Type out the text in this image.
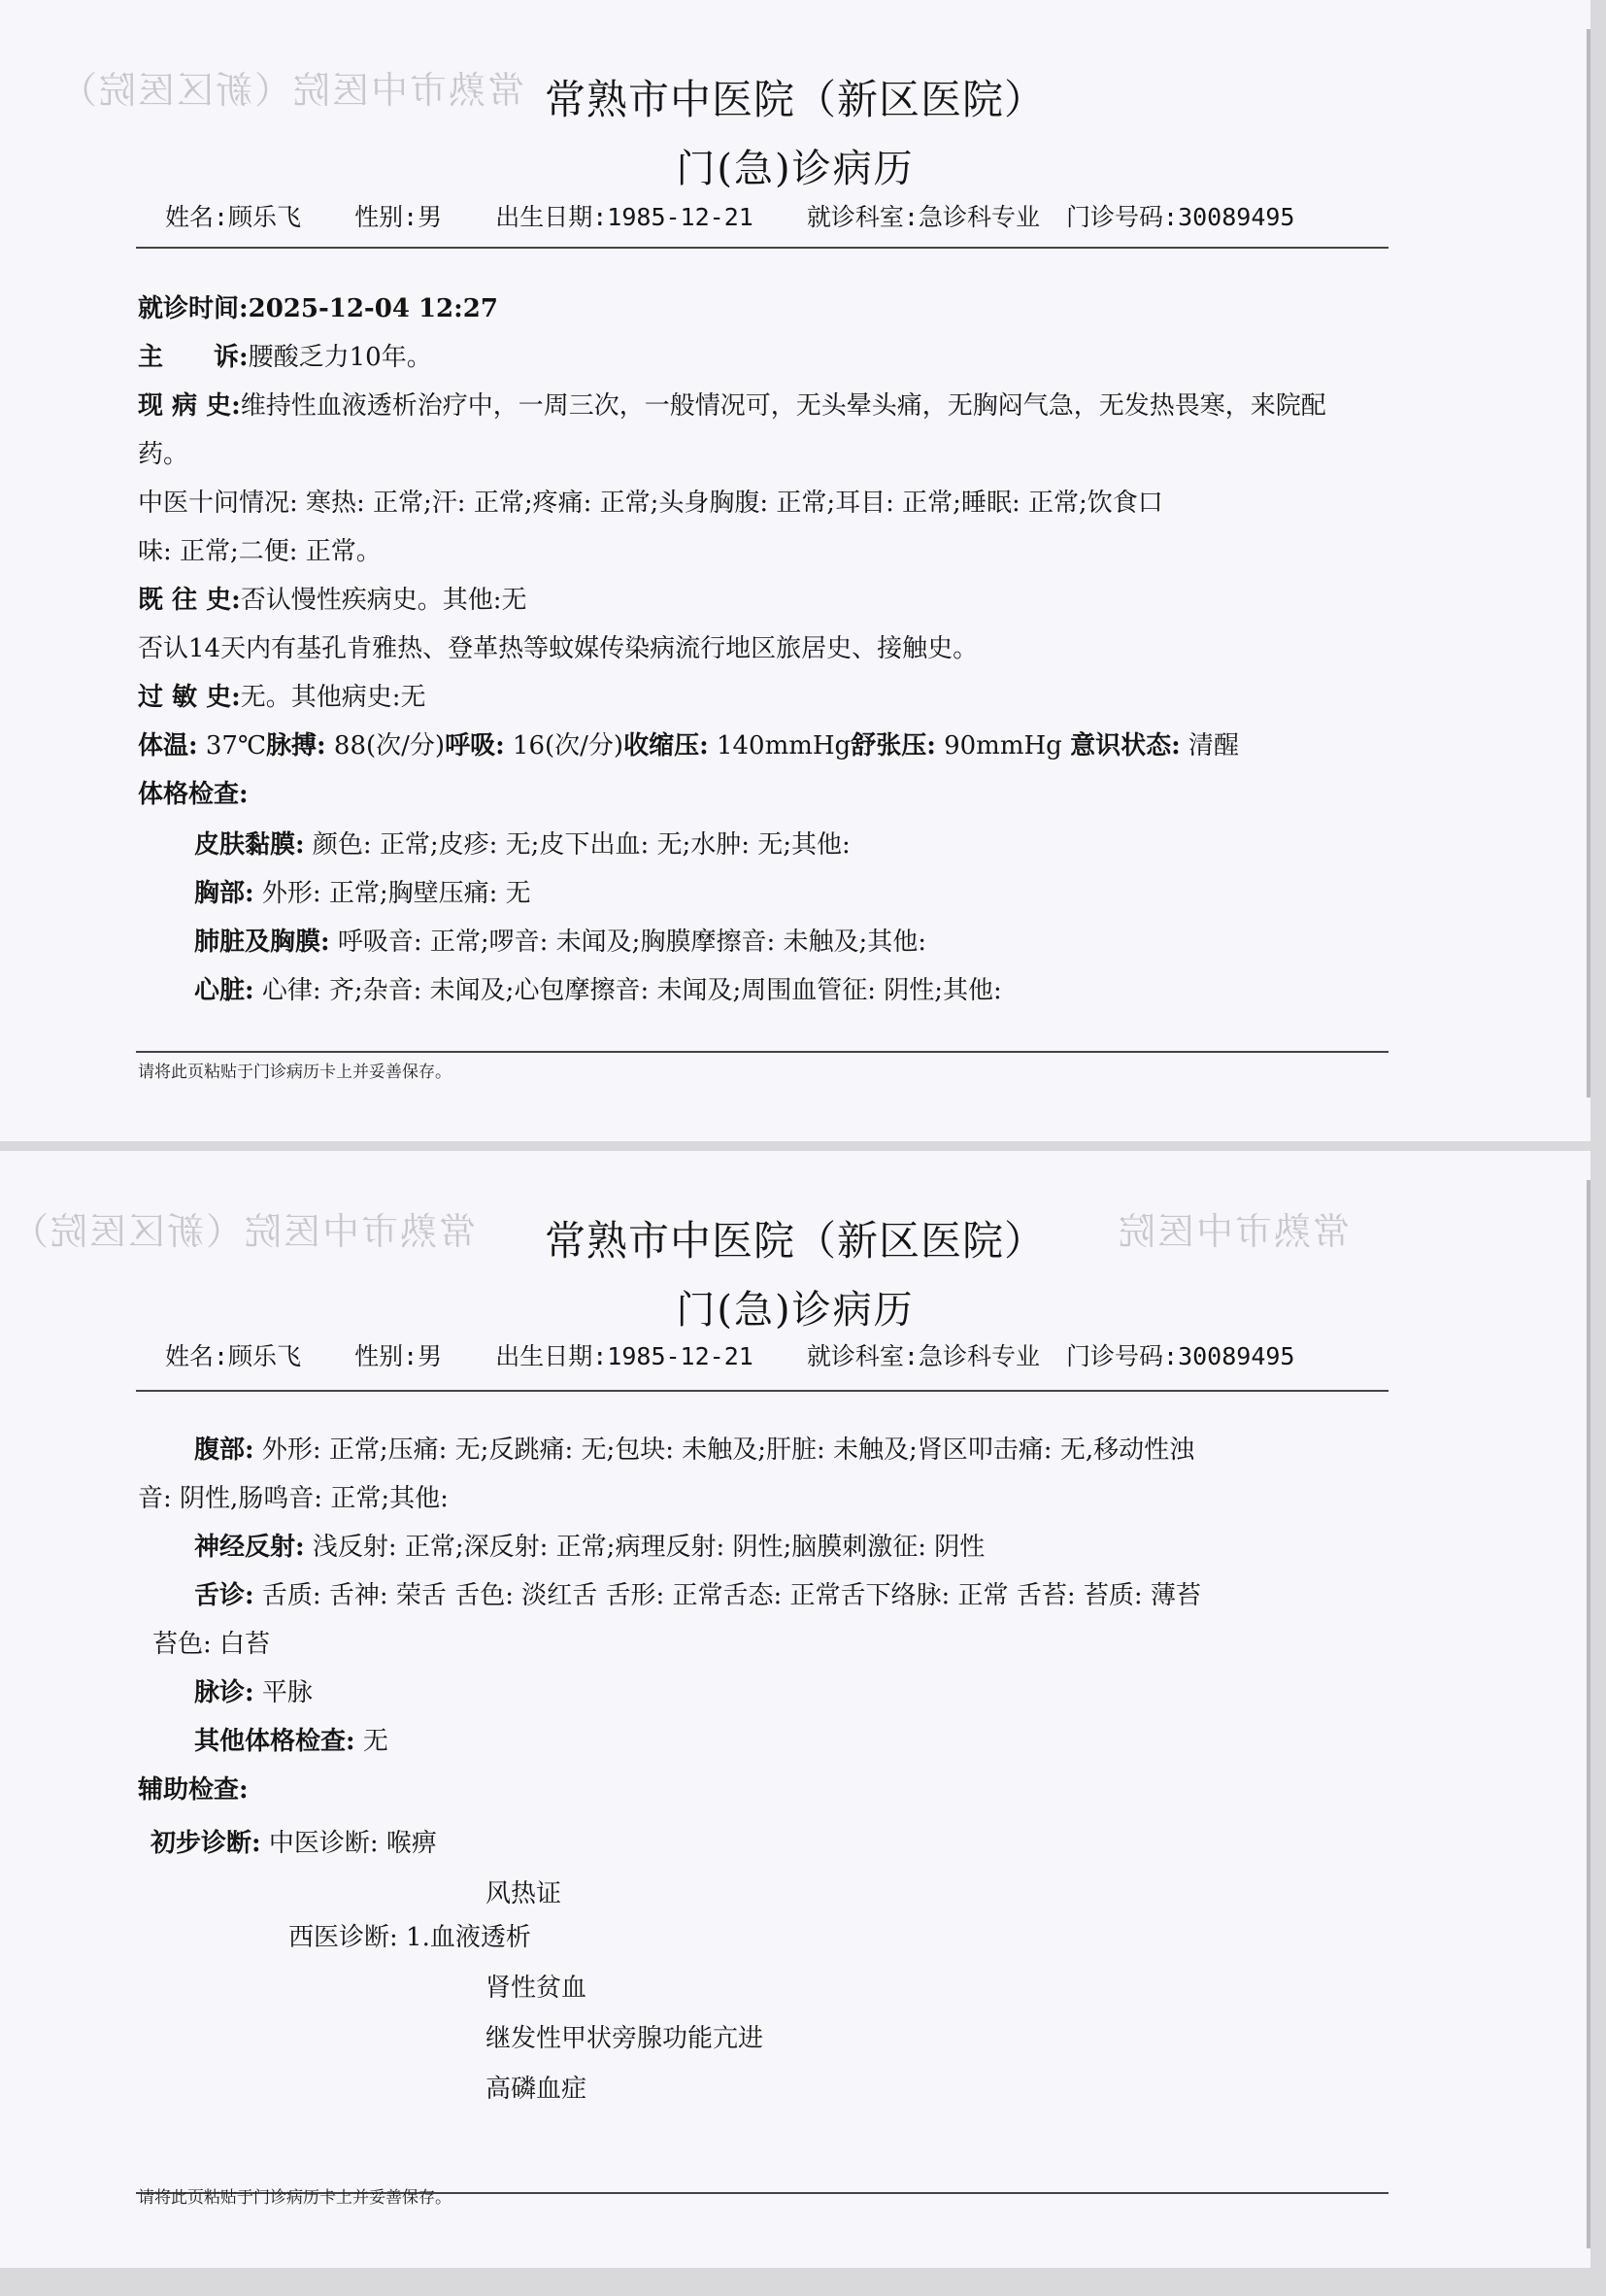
常熟市中医院（新区医院） 常熟市中医院（新区医院）
门(急)诊病历
姓名:顾乐飞 性别:男 出生日期:1985-12-21 就诊科室:急诊科专业 门诊号码:30089495
就诊时间:2025-12-04 12:27
主　　诉:腰酸乏力10年。
现 病 史:维持性血液透析治疗中，一周三次，一般情况可，无头晕头痛，无胸闷气急，无发热畏寒，来院配
药。
中医十问情况: 寒热: 正常;汗: 正常;疼痛: 正常;头身胸腹: 正常;耳目: 正常;睡眠: 正常;饮食口
味: 正常;二便: 正常。
既 往 史:否认慢性疾病史。其他:无
否认14天内有基孔肯雅热、登革热等蚊媒传染病流行地区旅居史、接触史。
过 敏 史:无。其他病史:无
体温: 37℃脉搏: 88(次/分)呼吸: 16(次/分)收缩压: 140mmHg舒张压: 90mmHg 意识状态: 清醒
体格检查:
皮肤黏膜: 颜色: 正常;皮疹: 无;皮下出血: 无;水肿: 无;其他:
胸部: 外形: 正常;胸壁压痛: 无
肺脏及胸膜: 呼吸音: 正常;啰音: 未闻及;胸膜摩擦音: 未触及;其他:
心脏: 心律: 齐;杂音: 未闻及;心包摩擦音: 未闻及;周围血管征: 阴性;其他:
请将此页粘贴于门诊病历卡上并妥善保存。
常熟市中医院（新区医院）	常熟市中医院
常熟市中医院（新区医院）
门(急)诊病历
姓名:顾乐飞 性别:男 出生日期:1985-12-21 就诊科室:急诊科专业 门诊号码:30089495
腹部: 外形: 正常;压痛: 无;反跳痛: 无;包块: 未触及;肝脏: 未触及;肾区叩击痛: 无,移动性浊
音: 阴性,肠鸣音: 正常;其他:
神经反射: 浅反射: 正常;深反射: 正常;病理反射: 阴性;脑膜刺激征: 阴性
舌诊: 舌质: 舌神: 荣舌 舌色: 淡红舌 舌形: 正常舌态: 正常舌下络脉: 正常 舌苔: 苔质: 薄苔
苔色: 白苔
脉诊: 平脉
其他体格检查: 无
辅助检查:
初步诊断: 中医诊断: 喉痹
风热证
西医诊断: 1.血液透析
肾性贫血
继发性甲状旁腺功能亢进
高磷血症
请将此页粘贴于门诊病历卡上并妥善保存。
